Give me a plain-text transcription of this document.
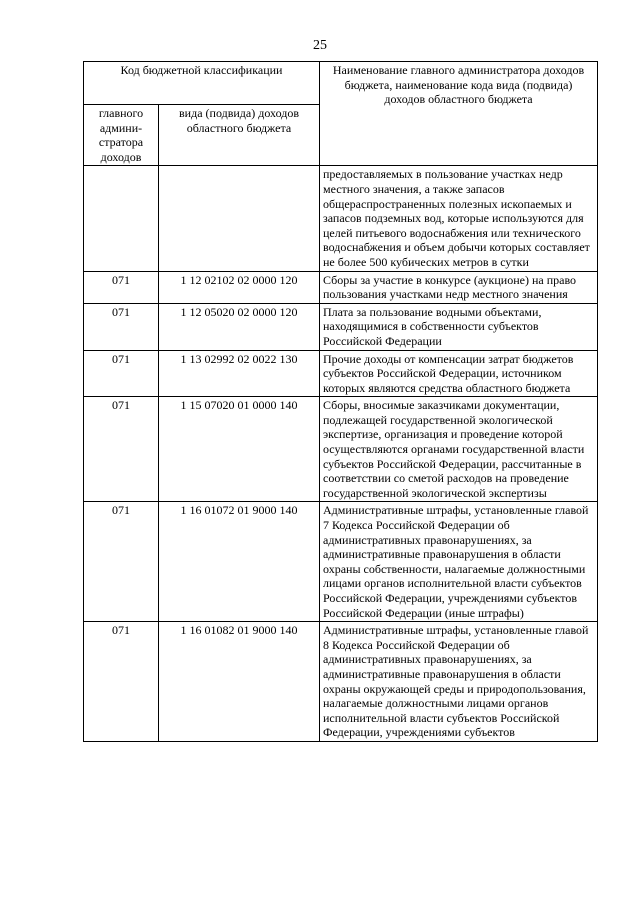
25
Код бюджетной классификации		Наименование главного администратора доходов бюджета, наименование кода вида (подвида) доходов областного бюджета
главного админи-стратора доходов	вида (подвида) доходов областного бюджета	
		предоставляемых в пользование участках недр местного значения, а также запасов общераспространенных полезных ископаемых и запасов подземных вод, которые используются для целей питьевого водоснабжения или технического водоснабжения и объем добычи которых составляет не более 500 кубических метров в сутки
071	1 12 02102 02 0000 120	Сборы за участие в конкурсе (аукционе) на право пользования участками недр местного значения
071	1 12 05020 02 0000 120	Плата за пользование водными объектами, находящимися в собственности субъектов Российской Федерации
071	1 13 02992 02 0022 130	Прочие доходы от компенсации затрат бюджетов субъектов Российской Федерации, источником которых являются средства областного бюджета
071	1 15 07020 01 0000 140	Сборы, вносимые заказчиками документации, подлежащей государственной экологической экспертизе, организация и проведение которой осуществляются органами государственной власти субъектов Российской Федерации, рассчитанные в соответствии со сметой расходов на проведение государственной экологической экспертизы
071	1 16 01072 01 9000 140	Административные штрафы, установленные главой 7 Кодекса Российской Федерации об административных правонарушениях, за административные правонарушения в области охраны собственности, налагаемые должностными лицами органов исполнительной власти субъектов Российской Федерации, учреждениями субъектов Российской Федерации (иные штрафы)
071	1 16 01082 01 9000 140	Административные штрафы, установленные главой 8 Кодекса Российской Федерации об административных правонарушениях, за административные правонарушения в области охраны окружающей среды и природопользования, налагаемые должностными лицами органов исполнительной власти субъектов Российской Федерации, учреждениями субъектов
